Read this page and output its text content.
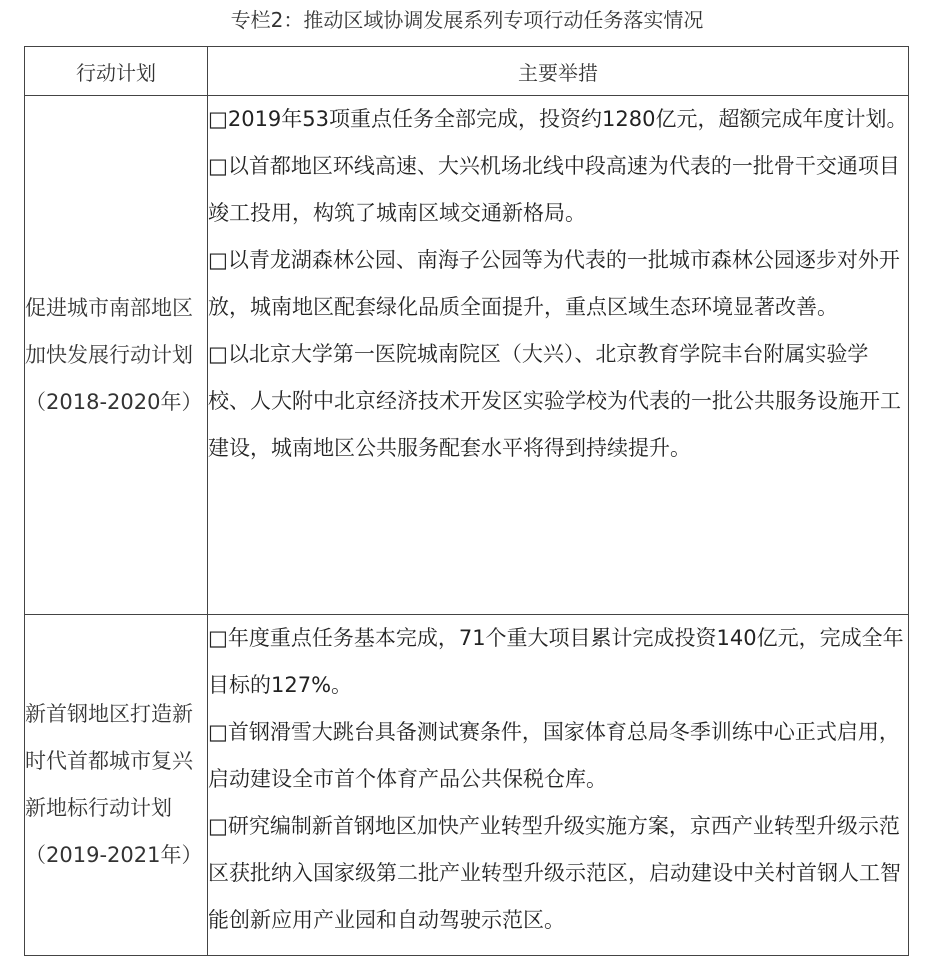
专栏2：推动区域协调发展系列专项行动任务落实情况
行动计划	主要举措
促进城市南部地区加快发展行动计划（2018-2020年）	□2019年53项重点任务全部完成，投资约1280亿元，超额完成年度计划。

□以首都地区环线高速、大兴机场北线中段高速为代表的一批骨干交通项目竣工投用，构筑了城南区域交通新格局。

□以青龙湖森林公园、南海子公园等为代表的一批城市森林公园逐步对外开放，城南地区配套绿化品质全面提升，重点区域生态环境显著改善。

□以北京大学第一医院城南院区（大兴）、北京教育学院丰台附属实验学校、人大附中北京经济技术开发区实验学校为代表的一批公共服务设施开工建设，城南地区公共服务配套水平将得到持续提升。

新首钢地区打造新时代首都城市复兴新地标行动计划（2019-2021年）	□年度重点任务基本完成，71个重大项目累计完成投资140亿元，完成全年目标的127%。

□首钢滑雪大跳台具备测试赛条件，国家体育总局冬季训练中心正式启用，启动建设全市首个体育产品公共保税仓库。

□研究编制新首钢地区加快产业转型升级实施方案，京西产业转型升级示范区获批纳入国家级第二批产业转型升级示范区，启动建设中关村首钢人工智能创新应用产业园和自动驾驶示范区。
